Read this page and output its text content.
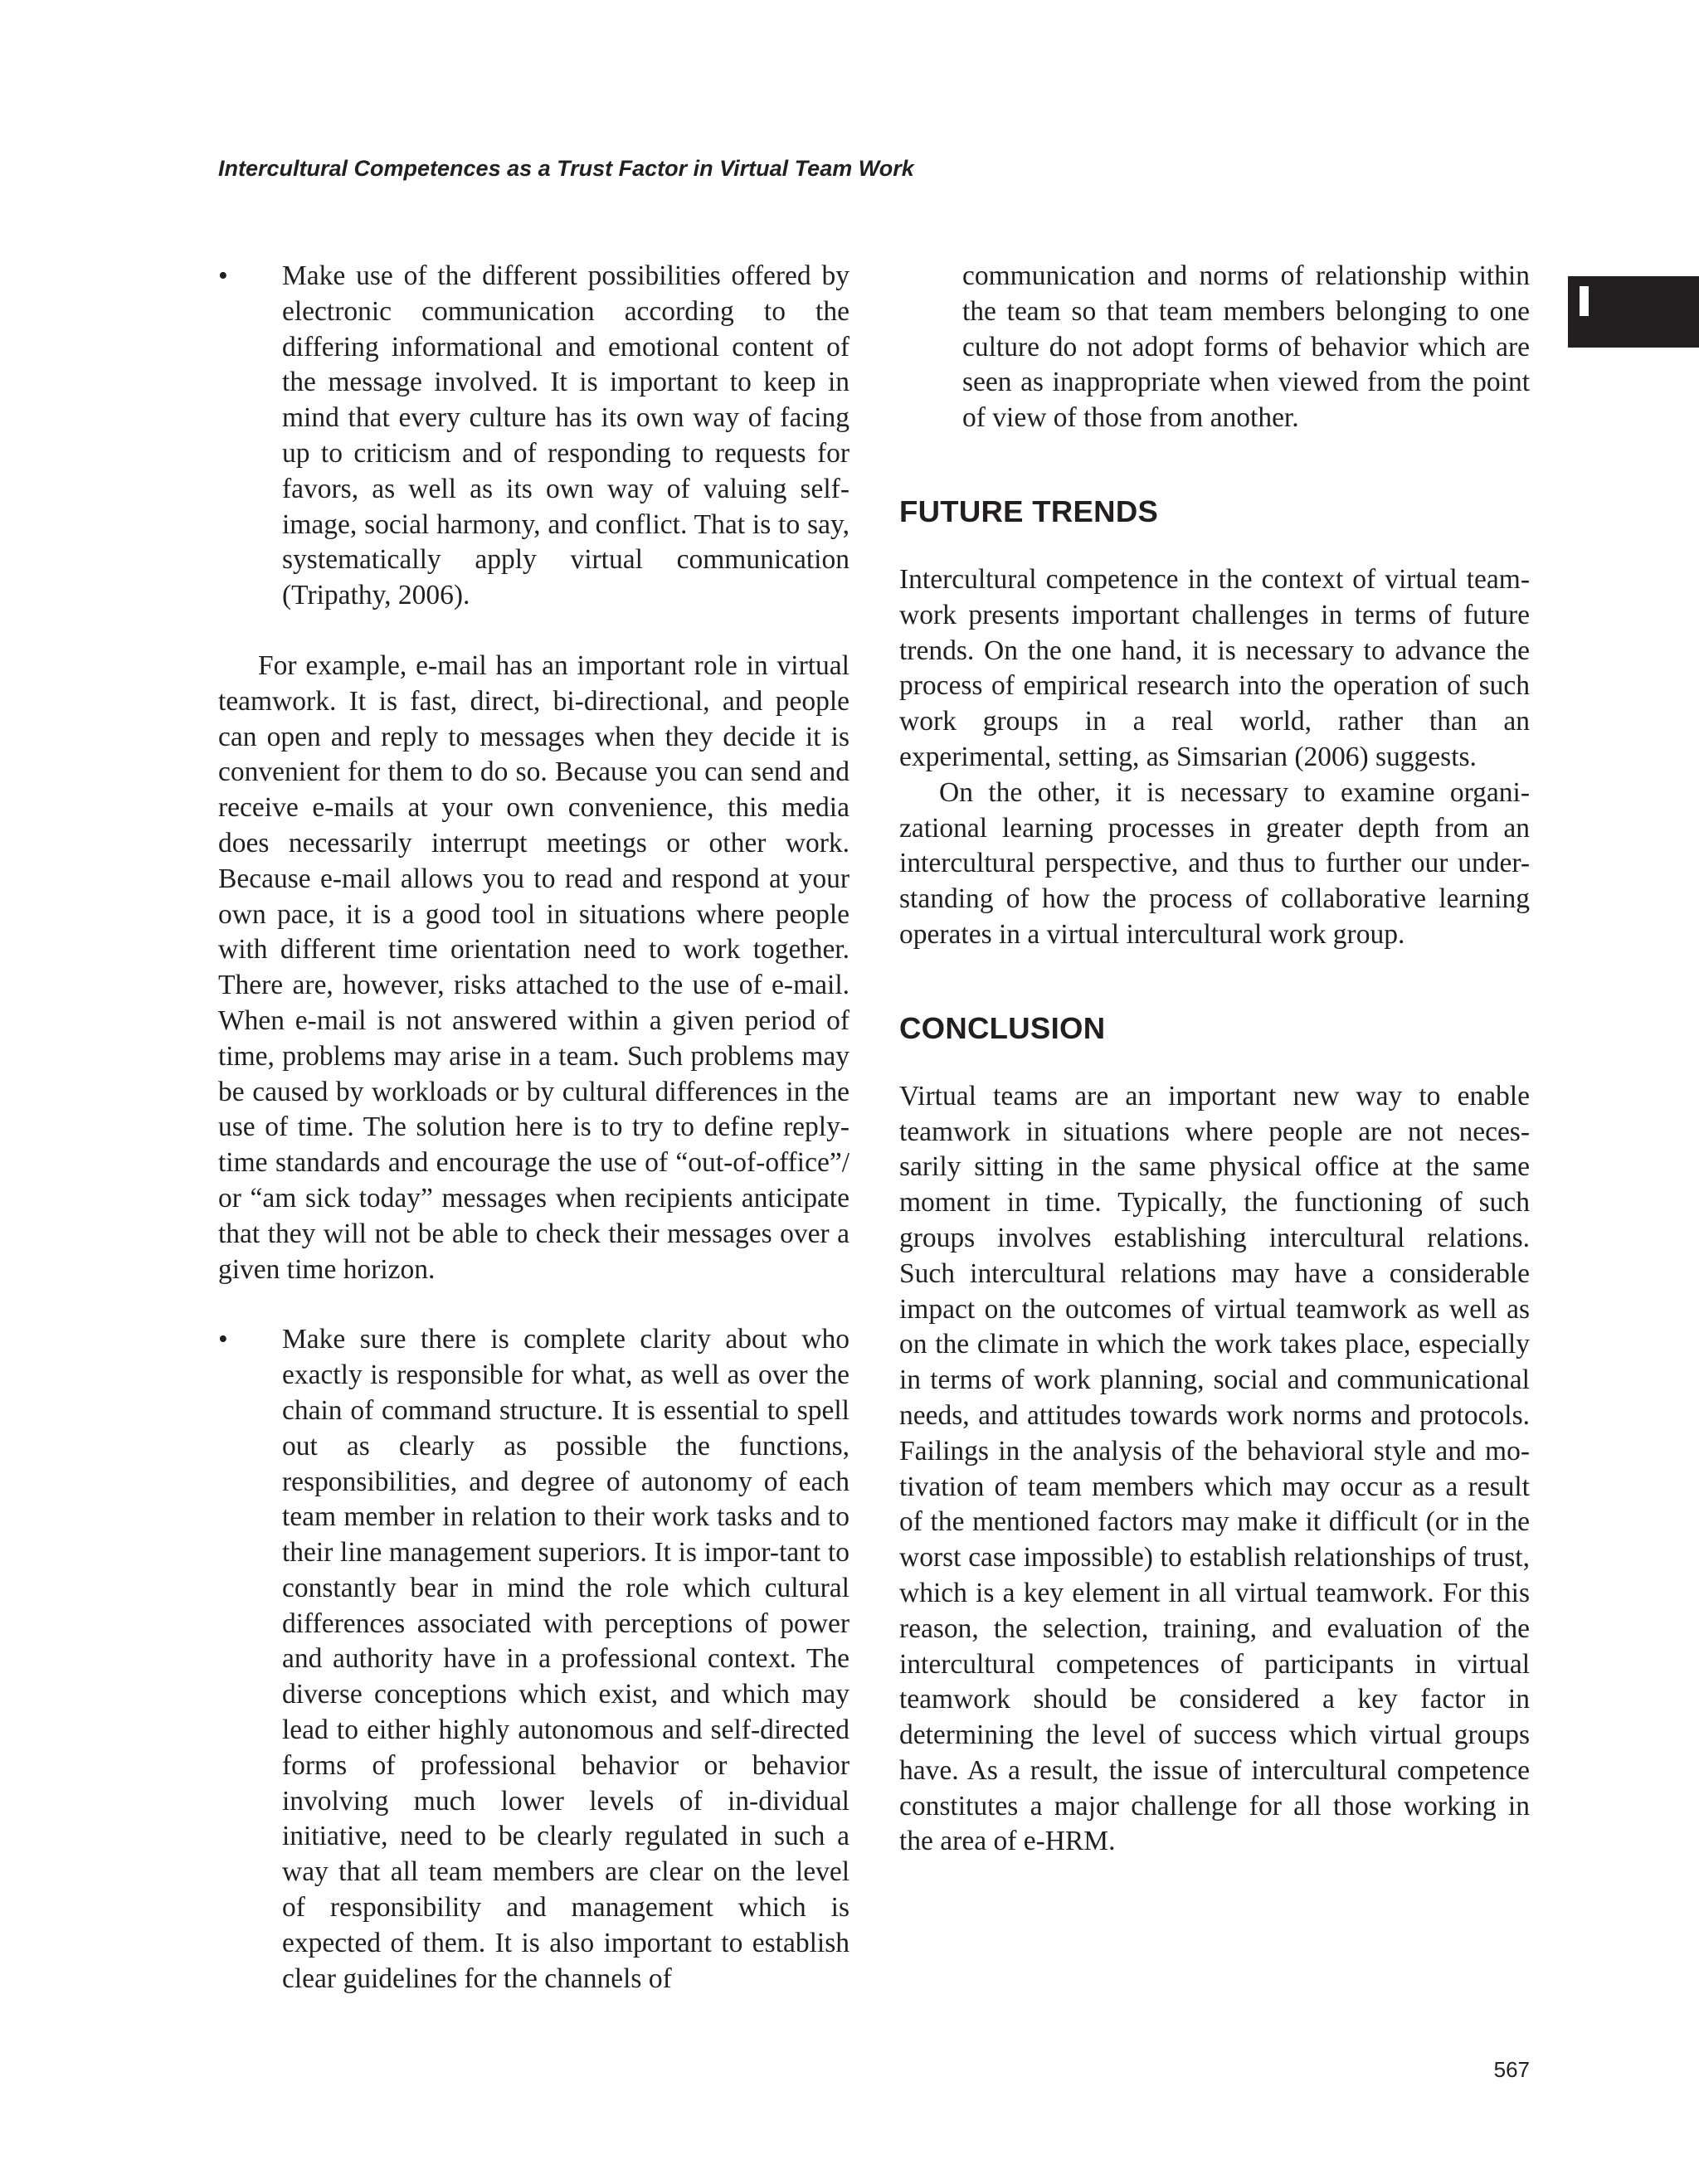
Intercultural Competences as a Trust Factor in Virtual Team Work

• Make use of the different possibilities offered by electronic communication according to the differing informational and emotional content of the message involved. It is important to keep in mind that every culture has its own way of facing up to criticism and of responding to requests for favors, as well as its own way of valuing self-image, social harmony, and conflict. That is to say, systematically apply virtual communication (Tripathy, 2006).

For example, e-mail has an important role in virtual teamwork. It is fast, direct, bi-directional, and people can open and reply to messages when they decide it is convenient for them to do so. Because you can send and receive e-mails at your own convenience, this media does necessarily interrupt meetings or other work. Because e-mail allows you to read and respond at your own pace, it is a good tool in situations where people with different time orientation need to work together. There are, however, risks attached to the use of e-mail. When e-mail is not answered within a given period of time, problems may arise in a team. Such problems may be caused by workloads or by cultural differences in the use of time. The solution here is to try to define reply-time standards and encourage the use of “out-of-office”/ or “am sick today” messages when recipients anticipate that they will not be able to check their messages over a given time horizon.

• Make sure there is complete clarity about who exactly is responsible for what, as well as over the chain of command structure. It is essential to spell out as clearly as possible the functions, responsibilities, and degree of autonomy of each team member in relation to their work tasks and to their line management superiors. It is impor-tant to constantly bear in mind the role which cultural differences associated with perceptions of power and authority have in a professional context. The diverse conceptions which exist, and which may lead to either highly autonomous and self-directed forms of professional behavior or behavior involving much lower levels of in-dividual initiative, need to be clearly regulated in such a way that all team members are clear on the level of responsibility and management which is expected of them. It is also important to establish clear guidelines for the channels of

communication and norms of relationship within the team so that team members belonging to one culture do not adopt forms of behavior which are seen as inappropriate when viewed from the point of view of those from another.

FUTURE TRENDS

Intercultural competence in the context of virtual team-work presents important challenges in terms of future trends. On the one hand, it is necessary to advance the process of empirical research into the operation of such work groups in a real world, rather than an experimental, setting, as Simsarian (2006) suggests.

On the other, it is necessary to examine organi-zational learning processes in greater depth from an intercultural perspective, and thus to further our under-standing of how the process of collaborative learning operates in a virtual intercultural work group.

CONCLUSION

Virtual teams are an important new way to enable teamwork in situations where people are not neces-sarily sitting in the same physical office at the same moment in time. Typically, the functioning of such groups involves establishing intercultural relations. Such intercultural relations may have a considerable impact on the outcomes of virtual teamwork as well as on the climate in which the work takes place, especially in terms of work planning, social and communicational needs, and attitudes towards work norms and protocols. Failings in the analysis of the behavioral style and mo-tivation of team members which may occur as a result of the mentioned factors may make it difficult (or in the worst case impossible) to establish relationships of trust, which is a key element in all virtual teamwork. For this reason, the selection, training, and evaluation of the intercultural competences of participants in virtual teamwork should be considered a key factor in determining the level of success which virtual groups have. As a result, the issue of intercultural competence constitutes a major challenge for all those working in the area of e-HRM.

567
